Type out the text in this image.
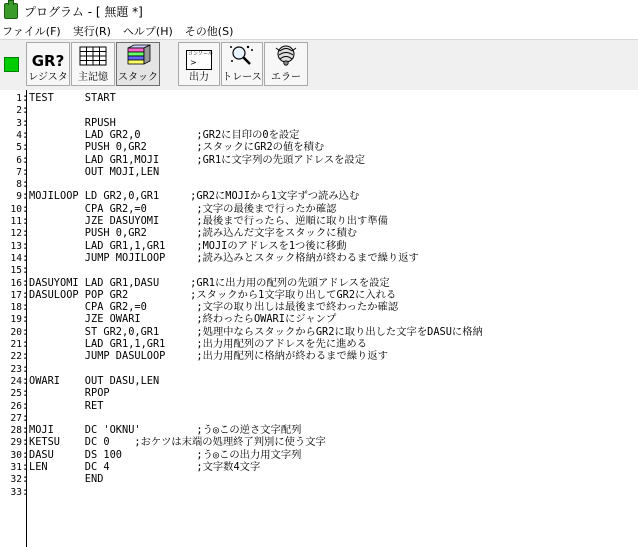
プログラム - [ 無題 *]
ファイル(F) 実行(R) ヘルプ(H) その他(S)
GR?
レジスタ 主記憶 スタック
コンソール
>
出力 トレース エラー
1 : TEST     START
2 :
3 : RPUSH
4 : LAD GR2,0         ;GR2に目印の0を設定
5 : PUSH 0,GR2        ;スタックにGR2の値を積む
6 : LAD GR1,MOJI      ;GR1に文字列の先頭アドレスを設定
7 : OUT MOJI,LEN
8 :
9 : MOJILOOP LD GR2,0,GR1     ;GR2にMOJIから1文字ずつ読み込む
10 : CPA GR2,=0        ;文字の最後まで行ったか確認
11 : JZE DASUYOMI      ;最後まで行ったら、逆順に取り出す準備
12 : PUSH 0,GR2        ;読み込んだ文字をスタックに積む
13 : LAD GR1,1,GR1     ;MOJIのアドレスを1つ後に移動
14 : JUMP MOJILOOP     ;読み込みとスタック格納が終わるまで繰り返す
15 :
16 : DASUYOMI LAD GR1,DASU     ;GR1に出力用の配列の先頭アドレスを設定
17 : DASULOOP POP GR2          ;スタックから1文字取り出してGR2に入れる
18 : CPA GR2,=0        ;文字の取り出しは最後まで終わったか確認
19 : JZE OWARI         ;終わったらOWARIにジャンプ
20 : ST GR2,0,GR1      ;処理中ならスタックからGR2に取り出した文字をDASUに格納
21 : LAD GR1,1,GR1     ;出力用配列のアドレスを先に進める
22 : JUMP DASULOOP     ;出力用配列に格納が終わるまで繰り返す
23 :
24 : OWARI    OUT DASU,LEN
25 : RPOP
26 : RET
27 :
28 : MOJI     DC 'OKNU'         ;う◎この逆さ文字配列
29 : KETSU    DC 0    ;おケツは末端の処理終了判別に使う文字
30 : DASU     DS 100            ;う◎この出力用文字列
31 : LEN      DC 4              ;文字数4文字
32 : END
33 :
